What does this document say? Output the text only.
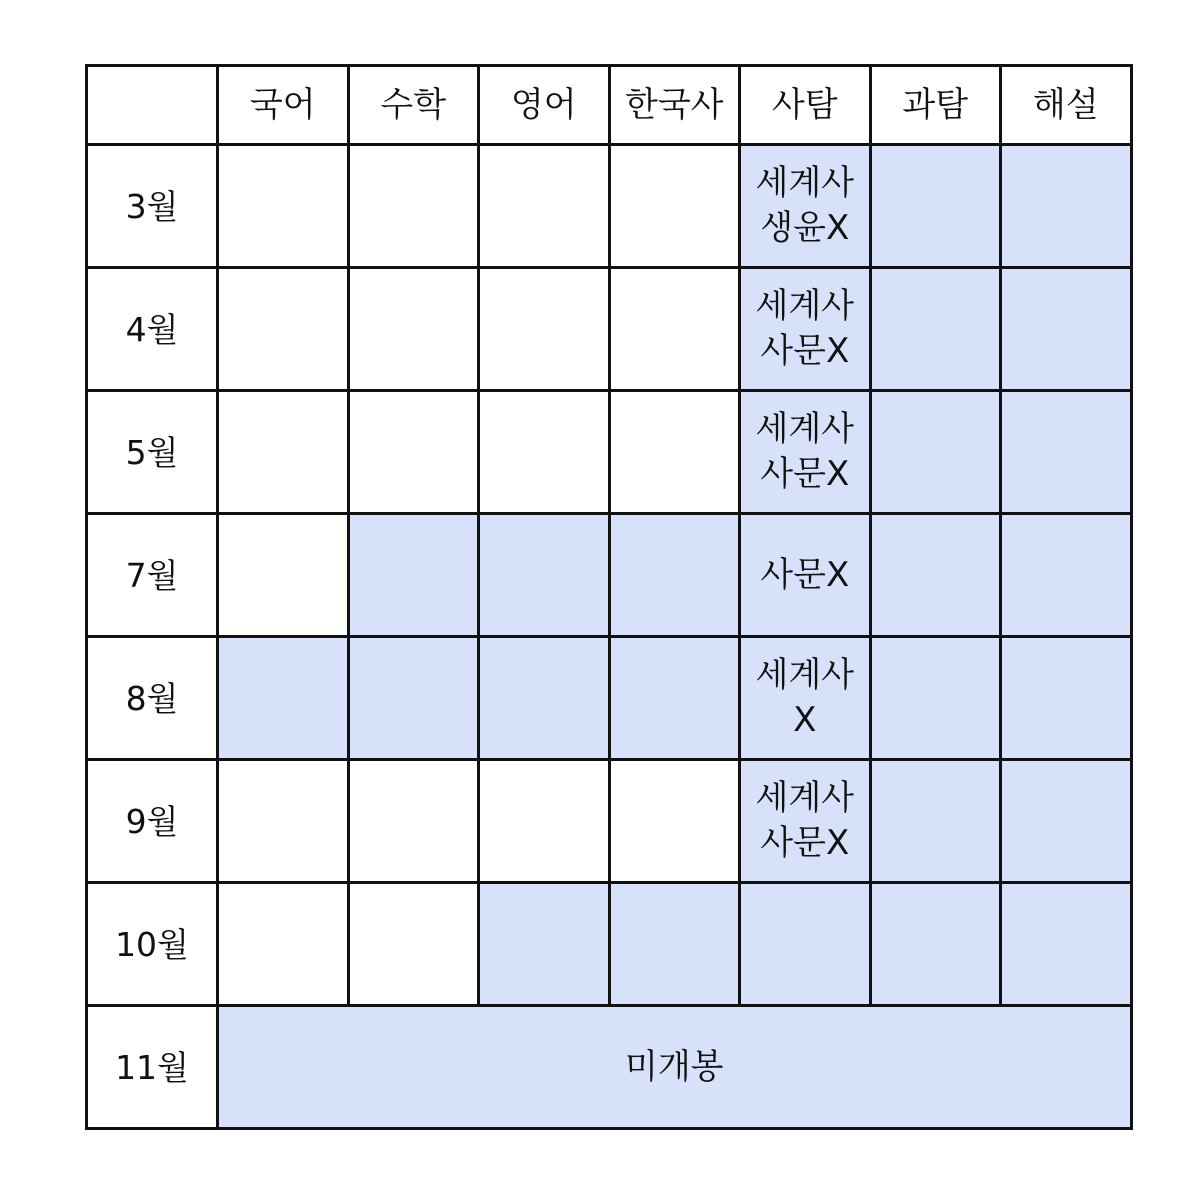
	국어	수학	영어	한국사	사탐	과탐	해설
3월					세계사
생윤X		

4월					세계사
사문X		

5월					세계사
사문X		

7월					사문X		

8월					세계사
X		

9월					세계사
사문X		

10월							
11월	미개봉						
